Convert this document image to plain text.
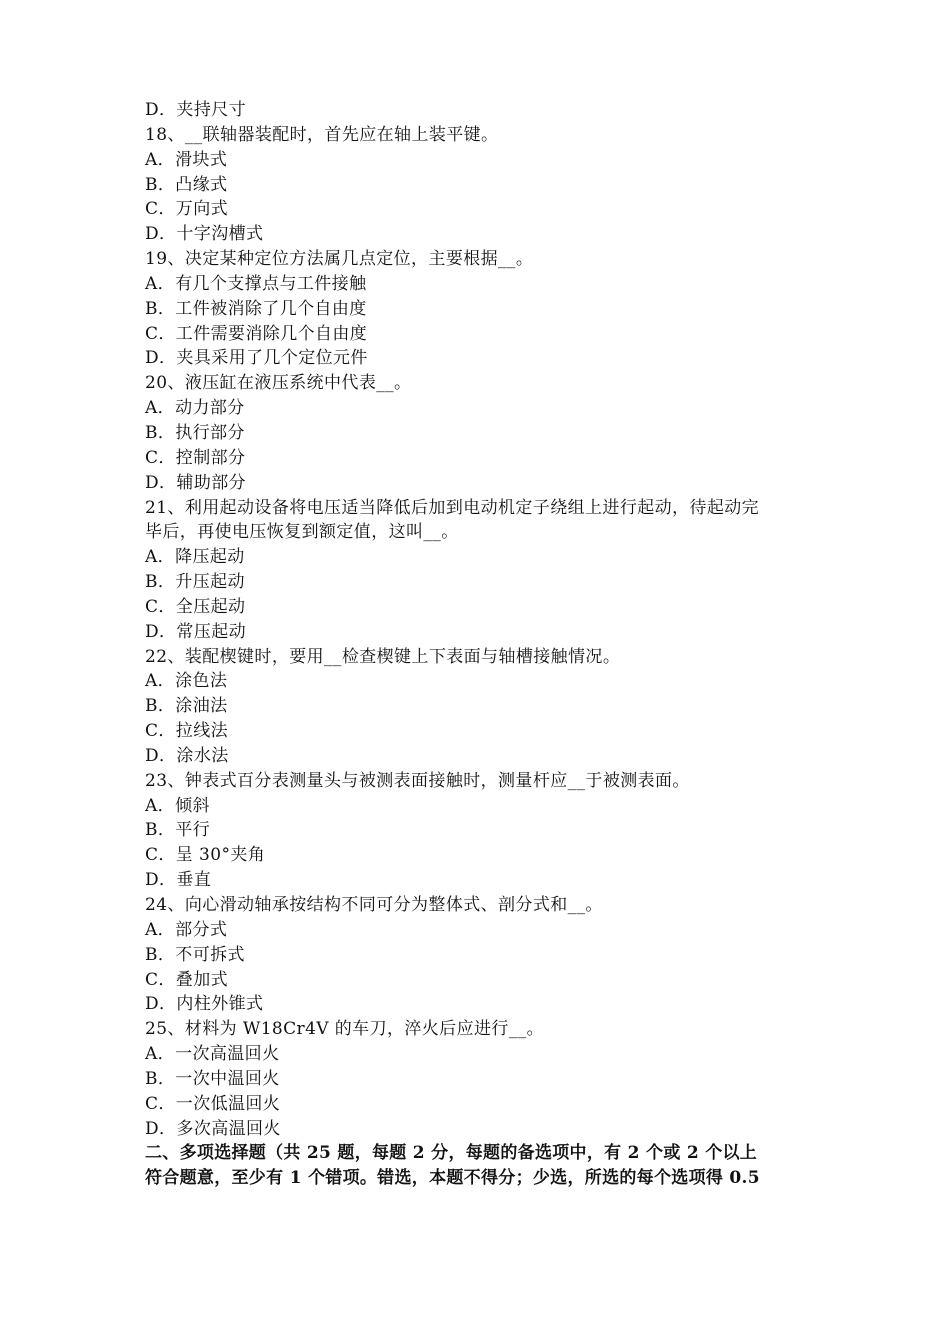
D．夹持尺寸
18、__联轴器装配时，首先应在轴上装平键。
A．滑块式
B．凸缘式
C．万向式
D．十字沟槽式
19、决定某种定位方法属几点定位，主要根据__。
A．有几个支撑点与工件接触
B．工件被消除了几个自由度
C．工件需要消除几个自由度
D．夹具采用了几个定位元件
20、液压缸在液压系统中代表__。
A．动力部分
B．执行部分
C．控制部分
D．辅助部分
21、利用起动设备将电压适当降低后加到电动机定子绕组上进行起动，待起动完
毕后，再使电压恢复到额定值，这叫__。
A．降压起动
B．升压起动
C．全压起动
D．常压起动
22、装配楔键时，要用__检查楔键上下表面与轴槽接触情况。
A．涂色法
B．涂油法
C．拉线法
D．涂水法
23、钟表式百分表测量头与被测表面接触时，测量杆应__于被测表面。
A．倾斜
B．平行
C．呈 30°夹角
D．垂直
24、向心滑动轴承按结构不同可分为整体式、剖分式和__。
A．部分式
B．不可拆式
C．叠加式
D．内柱外锥式
25、材料为 W18Cr4V 的车刀，淬火后应进行__。
A．一次高温回火
B．一次中温回火
C．一次低温回火
D．多次高温回火
二、多项选择题（共 25 题，每题 2 分，每题的备选项中，有 2 个或 2 个以上
符合题意，至少有 1 个错项。错选，本题不得分；少选，所选的每个选项得 0.5
